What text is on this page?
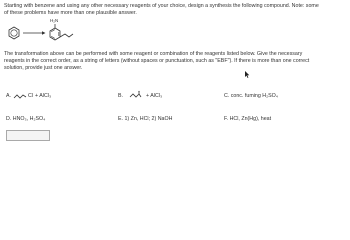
Starting with benzene and using any other necessary reagents of your choice, design a synthesis the following compound. Note: some
of these problems have more than one plausible answer.
H₂N
The transformation above can be performed with some reagent or combination of the reagents listed below. Give the necessary
reagents in the correct order, as a string of letters (without spaces or punctuation, such as "EBF"). If there is more than one correct
solution, provide just one answer.
A.	Cl + AlCl₃	B.	+ AlCl₃	C. conc. fuming H₂SO₄
D. HNO₃, H₂SO₄	E. 1) Zn, HCl; 2) NaOH	F. HCl, Zn(Hg), heat
